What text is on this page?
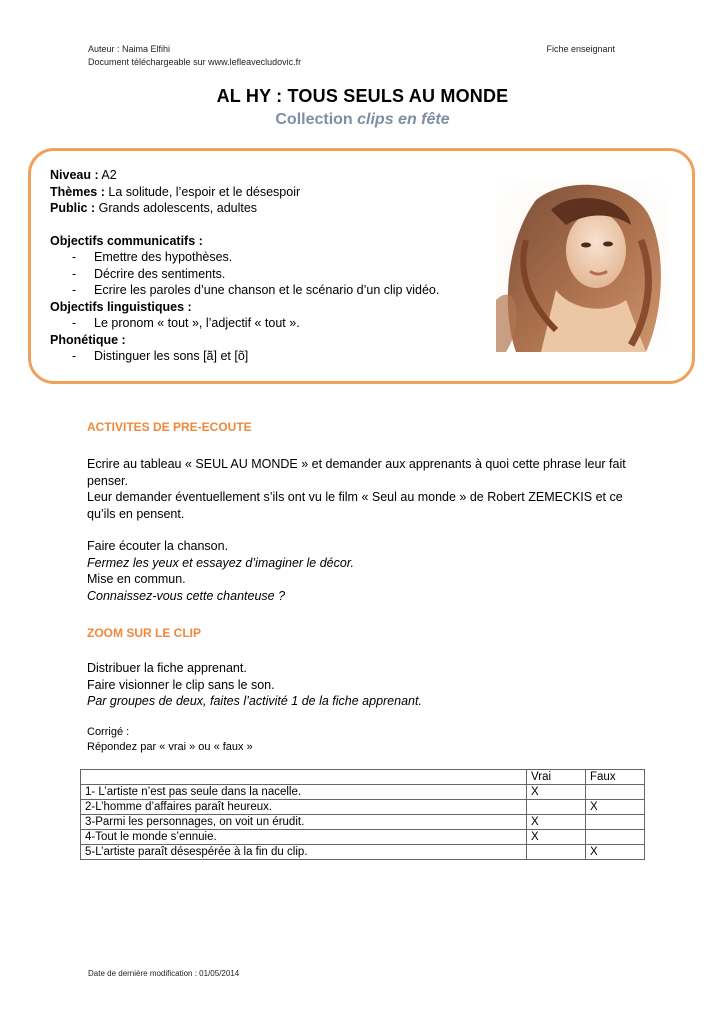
Auteur : Naima Elfihi
Document téléchargeable sur www.lefleavecludovic.fr
Fiche enseignant
AL HY : TOUS SEULS AU MONDE
Collection clips en fête
Niveau : A2
Thèmes : La solitude, l’espoir et le désespoir
Public : Grands adolescents, adultes
Objectifs communicatifs :
-	Emettre des hypothèses.
-	Décrire des sentiments.
-	Ecrire les paroles d’une chanson et le scénario d’un clip vidéo.
Objectifs linguistiques :
-	Le pronom « tout », l’adjectif « tout ».
Phonétique :
-	Distinguer les sons [ã] et [õ]
ACTIVITES DE PRE-ECOUTE
Ecrire au tableau « SEUL AU MONDE » et demander aux apprenants à quoi cette phrase leur fait penser.
Leur demander éventuellement s’ils ont vu le film « Seul au monde » de Robert ZEMECKIS et ce qu’ils en pensent.
Faire écouter la chanson.
Fermez les yeux et essayez d’imaginer le décor.
Mise en commun.
Connaissez-vous cette chanteuse ?
ZOOM SUR LE CLIP
Distribuer la fiche apprenant.
Faire visionner le clip sans le son.
Par groupes de deux, faites l’activité 1 de la fiche apprenant.
Corrigé :
Répondez par « vrai » ou « faux »
	Vrai	Faux
1- L’artiste n’est pas seule dans la nacelle.	X	
2-L’homme d’affaires paraît heureux.		X
3-Parmi les personnages, on voit un érudit.	X	
4-Tout le monde s’ennuie.	X	
5-L’artiste paraît désespérée à la fin du clip.		X
Date de dernière modification : 01/05/2014
